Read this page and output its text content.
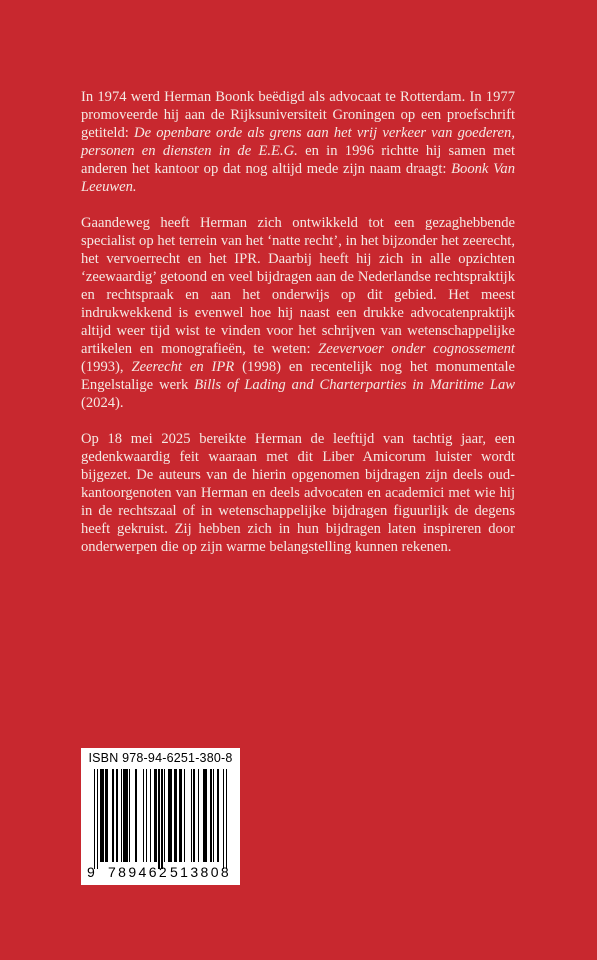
In 1974 werd Herman Boonk beëdigd als advocaat te Rotterdam. In 1977 promoveerde hij aan de Rijksuniversiteit Groningen op een proefschrift getiteld: De openbare orde als grens aan het vrij verkeer van goederen, personen en diensten in de E.E.G. en in 1996 richtte hij samen met anderen het kantoor op dat nog altijd mede zijn naam draagt: Boonk Van Leeuwen.

Gaandeweg heeft Herman zich ontwikkeld tot een gezaghebbende specialist op het terrein van het ‘natte recht’, in het bijzonder het zeerecht, het vervoerrecht en het IPR. Daarbij heeft hij zich in alle opzichten ‘zeewaardig’ getoond en veel bijdragen aan de Nederlandse rechtspraktijk en rechtspraak en aan het onderwijs op dit gebied. Het meest indrukwekkend is evenwel hoe hij naast een drukke advocatenpraktijk altijd weer tijd wist te vinden voor het schrijven van wetenschappelijke artikelen en monografieën, te weten: Zeevervoer onder cognossement (1993), Zeerecht en IPR (1998) en recentelijk nog het monumentale Engelstalige werk Bills of Lading and Charterparties in Maritime Law (2024).

Op 18 mei 2025 bereikte Herman de leeftijd van tachtig jaar, een gedenkwaardig feit waaraan met dit Liber Amicorum luister wordt bijgezet. De auteurs van de hierin opgenomen bijdragen zijn deels oud-kantoorgenoten van Herman en deels advocaten en academici met wie hij in de rechtszaal of in wetenschappelijke bijdragen figuurlijk de degens heeft gekruist. Zij hebben zich in hun bijdragen laten inspireren door onderwerpen die op zijn warme belangstelling kunnen rekenen.

ISBN 978-94-6251-380-8
9 789462 513808
